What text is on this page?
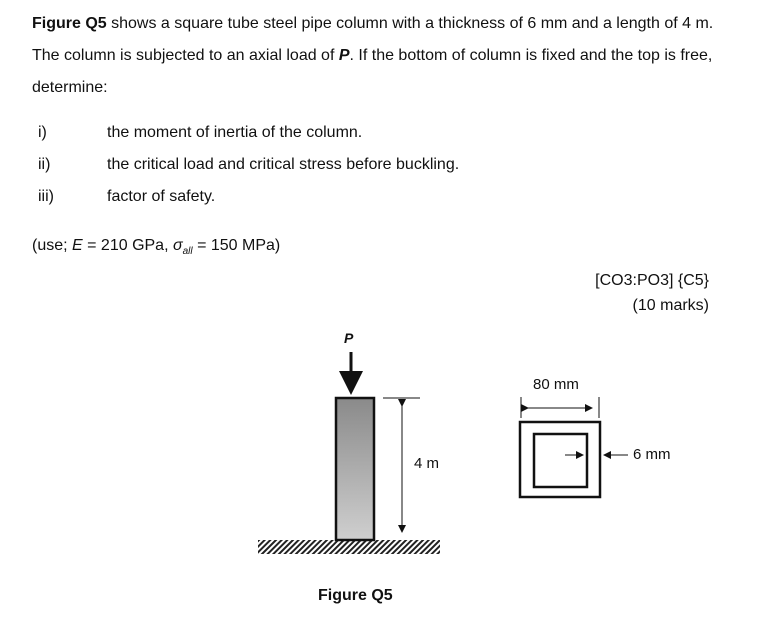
Figure Q5 shows a square tube steel pipe column with a thickness of 6 mm and a length of 4 m. The column is subjected to an axial load of P. If the bottom of column is fixed and the top is free, determine:
i)	the moment of inertia of the column.
ii)	the critical load and critical stress before buckling.
iii)	factor of safety.
(use; E = 210 GPa, $\sigma_{all} = 150$ MPa)
[CO3:PO3] {C5}
(10 marks)
P
4 m
80 mm
6 mm
Figure Q5
